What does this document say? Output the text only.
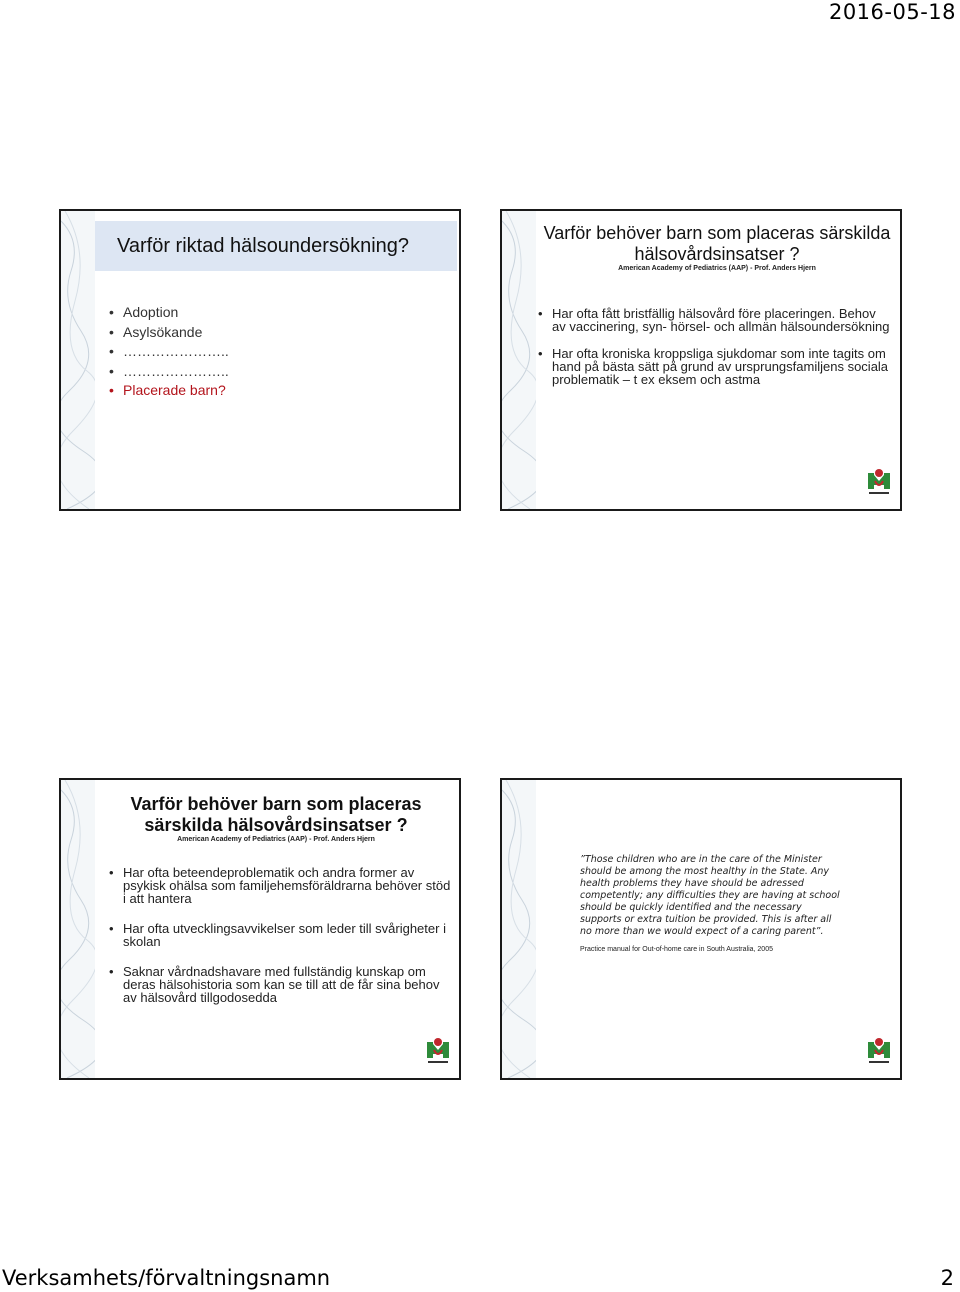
2016-05-18
Varför riktad hälsoundersökning?
• Adoption
• Asylsökande
• …………………..
• …………………..
• Placerade barn?
Varför behöver barn som placeras särskilda hälsovårdsinsatser ?
American Academy of Pediatrics (AAP) - Prof. Anders Hjern
• Har ofta fått bristfällig hälsovård före placeringen. Behov av vaccinering, syn- hörsel- och allmän hälsoundersökning
• Har ofta kroniska kroppsliga sjukdomar som inte tagits om hand på bästa sätt på grund av ursprungsfamiljens sociala problematik – t ex eksem och astma
Varför behöver barn som placeras särskilda hälsovårdsinsatser ?
American Academy of Pediatrics (AAP) - Prof. Anders Hjern
• Har ofta beteendeproblematik och andra former av psykisk ohälsa som familjehemsföräldrarna behöver stöd i att hantera
• Har ofta utvecklingsavvikelser som leder till svårigheter i skolan
• Saknar vårdnadshavare med fullständig kunskap om deras hälsohistoria som kan se till att de får sina behov av hälsovård tillgodosedda
”Those children who are in the care of the Minister should be among the most healthy in the State. Any health problems they have should be adressed competently; any difficulties they are having at school should be quickly identified and the necessary supports or extra tuition be provided. This is after all no more than we would expect of a caring parent”.
Practice manual for Out-of-home care in South Australia, 2005
Verksamhets/förvaltningsnamn	2
